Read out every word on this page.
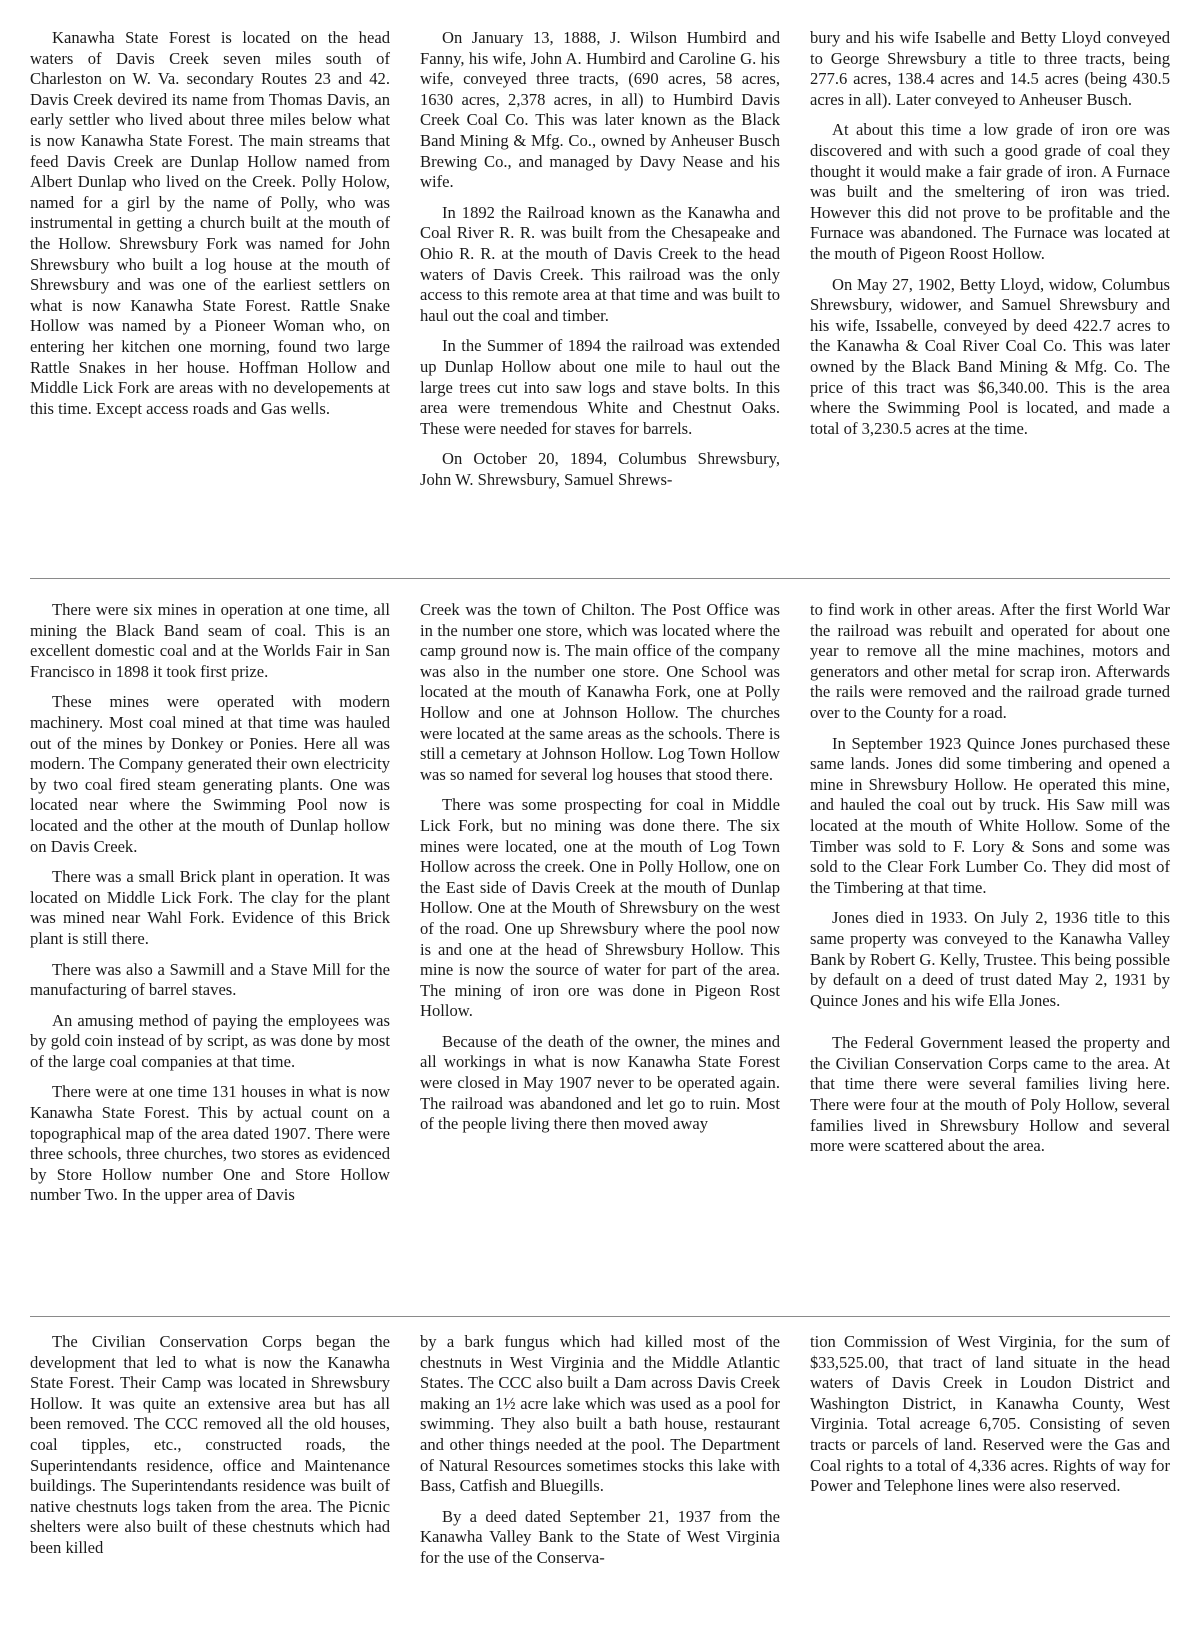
Kanawha State Forest is located on the head waters of Davis Creek seven miles south of Charleston on W. Va. secondary Routes 23 and 42. Davis Creek devired its name from Thomas Davis, an early settler who lived about three miles below what is now Kanawha State Forest. The main streams that feed Davis Creek are Dunlap Hollow named from Albert Dunlap who lived on the Creek. Polly Holow, named for a girl by the name of Polly, who was instrumental in getting a church built at the mouth of the Hollow. Shrewsbury Fork was named for John Shrewsbury who built a log house at the mouth of Shrewsbury and was one of the earliest settlers on what is now Kanawha State Forest. Rattle Snake Hollow was named by a Pioneer Woman who, on entering her kitchen one morning, found two large Rattle Snakes in her house. Hoffman Hollow and Middle Lick Fork are areas with no developements at this time. Except access roads and Gas wells.

On January 13, 1888, J. Wilson Humbird and Fanny, his wife, John A. Humbird and Caroline G. his wife, conveyed three tracts, (690 acres, 58 acres, 1630 acres, 2,378 acres, in all) to Humbird Davis Creek Coal Co. This was later known as the Black Band Mining & Mfg. Co., owned by Anheuser Busch Brewing Co., and managed by Davy Nease and his wife.

In 1892 the Railroad known as the Kanawha and Coal River R. R. was built from the Chesapeake and Ohio R. R. at the mouth of Davis Creek to the head waters of Davis Creek. This railroad was the only access to this remote area at that time and was built to haul out the coal and timber.

In the Summer of 1894 the railroad was extended up Dunlap Hollow about one mile to haul out the large trees cut into saw logs and stave bolts. In this area were tremendous White and Chestnut Oaks. These were needed for staves for barrels.

On October 20, 1894, Columbus Shrewsbury, John W. Shrewsbury, Samuel Shrews-

bury and his wife Isabelle and Betty Lloyd conveyed to George Shrewsbury a title to three tracts, being 277.6 acres, 138.4 acres and 14.5 acres (being 430.5 acres in all). Later conveyed to Anheuser Busch.

At about this time a low grade of iron ore was discovered and with such a good grade of coal they thought it would make a fair grade of iron. A Furnace was built and the smeltering of iron was tried. However this did not prove to be profitable and the Furnace was abandoned. The Furnace was located at the mouth of Pigeon Roost Hollow.

On May 27, 1902, Betty Lloyd, widow, Columbus Shrewsbury, widower, and Samuel Shrewsbury and his wife, Issabelle, conveyed by deed 422.7 acres to the Kanawha & Coal River Coal Co. This was later owned by the Black Band Mining & Mfg. Co. The price of this tract was $6,340.00. This is the area where the Swimming Pool is located, and made a total of 3,230.5 acres at the time.

There were six mines in operation at one time, all mining the Black Band seam of coal. This is an excellent domestic coal and at the Worlds Fair in San Francisco in 1898 it took first prize.

These mines were operated with modern machinery. Most coal mined at that time was hauled out of the mines by Donkey or Ponies. Here all was modern. The Company generated their own electricity by two coal fired steam generating plants. One was located near where the Swimming Pool now is located and the other at the mouth of Dunlap hollow on Davis Creek.

There was a small Brick plant in operation. It was located on Middle Lick Fork. The clay for the plant was mined near Wahl Fork. Evidence of this Brick plant is still there.

There was also a Sawmill and a Stave Mill for the manufacturing of barrel staves.

An amusing method of paying the employees was by gold coin instead of by script, as was done by most of the large coal companies at that time.

There were at one time 131 houses in what is now Kanawha State Forest. This by actual count on a topographical map of the area dated 1907. There were three schools, three churches, two stores as evidenced by Store Hollow number One and Store Hollow number Two. In the upper area of Davis

Creek was the town of Chilton. The Post Office was in the number one store, which was located where the camp ground now is. The main office of the company was also in the number one store. One School was located at the mouth of Kanawha Fork, one at Polly Hollow and one at Johnson Hollow. The churches were located at the same areas as the schools. There is still a cemetary at Johnson Hollow. Log Town Hollow was so named for several log houses that stood there.

There was some prospecting for coal in Middle Lick Fork, but no mining was done there. The six mines were located, one at the mouth of Log Town Hollow across the creek. One in Polly Hollow, one on the East side of Davis Creek at the mouth of Dunlap Hollow. One at the Mouth of Shrewsbury on the west of the road. One up Shrewsbury where the pool now is and one at the head of Shrewsbury Hollow. This mine is now the source of water for part of the area. The mining of iron ore was done in Pigeon Rost Hollow.

Because of the death of the owner, the mines and all workings in what is now Kanawha State Forest were closed in May 1907 never to be operated again. The railroad was abandoned and let go to ruin. Most of the people living there then moved away

to find work in other areas. After the first World War the railroad was rebuilt and operated for about one year to remove all the mine machines, motors and generators and other metal for scrap iron. Afterwards the rails were removed and the railroad grade turned over to the County for a road.

In September 1923 Quince Jones purchased these same lands. Jones did some timbering and opened a mine in Shrewsbury Hollow. He operated this mine, and hauled the coal out by truck. His Saw mill was located at the mouth of White Hollow. Some of the Timber was sold to F. Lory & Sons and some was sold to the Clear Fork Lumber Co. They did most of the Timbering at that time.

Jones died in 1933. On July 2, 1936 title to this same property was conveyed to the Kanawha Valley Bank by Robert G. Kelly, Trustee. This being possible by default on a deed of trust dated May 2, 1931 by Quince Jones and his wife Ella Jones.

The Federal Government leased the property and the Civilian Conservation Corps came to the area. At that time there were several families living here. There were four at the mouth of Poly Hollow, several families lived in Shrewsbury Hollow and several more were scattered about the area.

The Civilian Conservation Corps began the development that led to what is now the Kanawha State Forest. Their Camp was located in Shrewsbury Hollow. It was quite an extensive area but has all been removed. The CCC removed all the old houses, coal tipples, etc., constructed roads, the Superintendants residence, office and Maintenance buildings. The Superintendants residence was built of native chestnuts logs taken from the area. The Picnic shelters were also built of these chestnuts which had been killed

by a bark fungus which had killed most of the chestnuts in West Virginia and the Middle Atlantic States. The CCC also built a Dam across Davis Creek making an 1½ acre lake which was used as a pool for swimming. They also built a bath house, restaurant and other things needed at the pool. The Department of Natural Resources sometimes stocks this lake with Bass, Catfish and Bluegills.

By a deed dated September 21, 1937 from the Kanawha Valley Bank to the State of West Virginia for the use of the Conserva-

tion Commission of West Virginia, for the sum of $33,525.00, that tract of land situate in the head waters of Davis Creek in Loudon District and Washington District, in Kanawha County, West Virginia. Total acreage 6,705. Consisting of seven tracts or parcels of land. Reserved were the Gas and Coal rights to a total of 4,336 acres. Rights of way for Power and Telephone lines were also reserved.
